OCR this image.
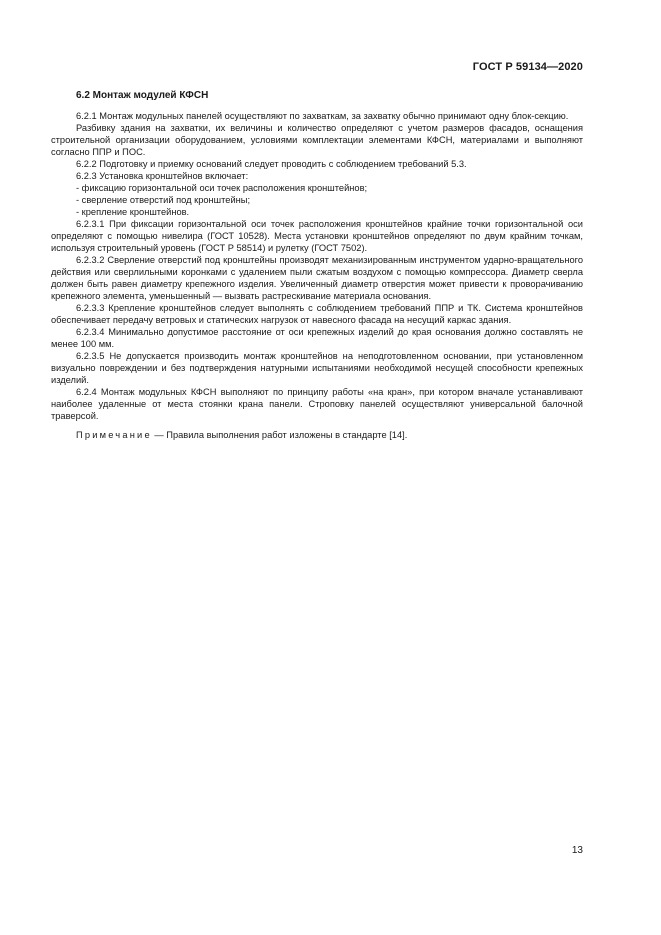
ГОСТ Р 59134—2020
6.2 Монтаж модулей КФСН

6.2.1 Монтаж модульных панелей осуществляют по захваткам, за захватку обычно принимают одну блок-секцию.

Разбивку здания на захватки, их величины и количество определяют с учетом размеров фасадов, оснащения строительной организации оборудованием, условиями комплектации элементами КФСН, материалами и выполняют согласно ППР и ПОС.

6.2.2 Подготовку и приемку оснований следует проводить с соблюдением требований 5.3.

6.2.3 Установка кронштейнов включает:

- фиксацию горизонтальной оси точек расположения кронштейнов;
- сверление отверстий под кронштейны;
- крепление кронштейнов.

6.2.3.1 При фиксации горизонтальной оси точек расположения кронштейнов крайние точки горизонтальной оси определяют с помощью нивелира (ГОСТ 10528). Места установки кронштейнов определяют по двум крайним точкам, используя строительный уровень (ГОСТ Р 58514) и рулетку (ГОСТ 7502).

6.2.3.2 Сверление отверстий под кронштейны производят механизированным инструментом ударно-вращательного действия или сверлильными коронками с удалением пыли сжатым воздухом с помощью компрессора. Диаметр сверла должен быть равен диаметру крепежного изделия. Увеличенный диаметр отверстия может привести к проворачиванию крепежного элемента, уменьшенный — вызвать растрескивание материала основания.

6.2.3.3 Крепление кронштейнов следует выполнять с соблюдением требований ППР и ТК. Система кронштейнов обеспечивает передачу ветровых и статических нагрузок от навесного фасада на несущий каркас здания.

6.2.3.4 Минимально допустимое расстояние от оси крепежных изделий до края основания должно составлять не менее 100 мм.

6.2.3.5 Не допускается производить монтаж кронштейнов на неподготовленном основании, при установленном визуально повреждении и без подтверждения натурными испытаниями необходимой несущей способности крепежных изделий.

6.2.4 Монтаж модульных КФСН выполняют по принципу работы «на кран», при котором вначале устанавливают наиболее удаленные от места стоянки крана панели. Строповку панелей осуществляют универсальной балочной траверсой.

Примечание — Правила выполнения работ изложены в стандарте [14].

13
